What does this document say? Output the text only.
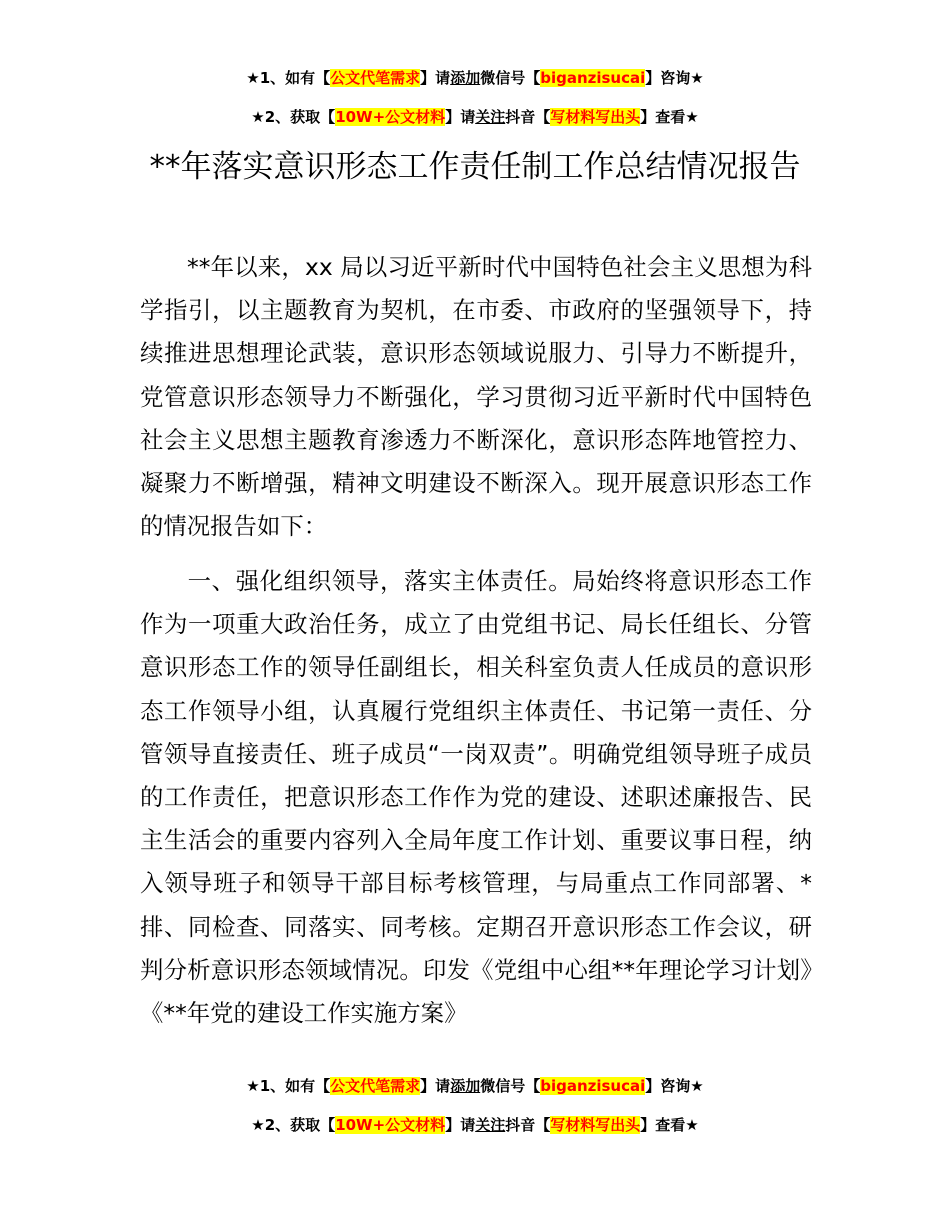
★1、如有【公文代笔需求】请添加微信号【biganzisucai】咨询★
★2、获取【10W+公文材料】请关注抖音【写材料写出头】查看★
**年落实意识形态工作责任制工作总结情况报告

**年以来，xx 局以习近平新时代中国特色社会主义思想为科学指引，以主题教育为契机，在市委、市政府的坚强领导下，持续推进思想理论武装，意识形态领域说服力、引导力不断提升，党管意识形态领导力不断强化，学习贯彻习近平新时代中国特色社会主义思想主题教育渗透力不断深化，意识形态阵地管控力、凝聚力不断增强，精神文明建设不断深入。现开展意识形态工作的情况报告如下：

一、强化组织领导，落实主体责任。局始终将意识形态工作作为一项重大政治任务，成立了由党组书记、局长任组长、分管意识形态工作的领导任副组长，相关科室负责人任成员的意识形态工作领导小组，认真履行党组织主体责任、书记第一责任、分管领导直接责任、班子成员“一岗双责”。明确党组领导班子成员的工作责任，把意识形态工作作为党的建设、述职述廉报告、民主生活会的重要内容列入全局年度工作计划、重要议事日程，纳入领导班子和领导干部目标考核管理，与局重点工作同部署、*排、同检查、同落实、同考核。定期召开意识形态工作会议，研判分析意识形态领域情况。印发《党组中心组**年理论学习计划》《**年党的建设工作实施方案》

★1、如有【公文代笔需求】请添加微信号【biganzisucai】咨询★
★2、获取【10W+公文材料】请关注抖音【写材料写出头】查看★
